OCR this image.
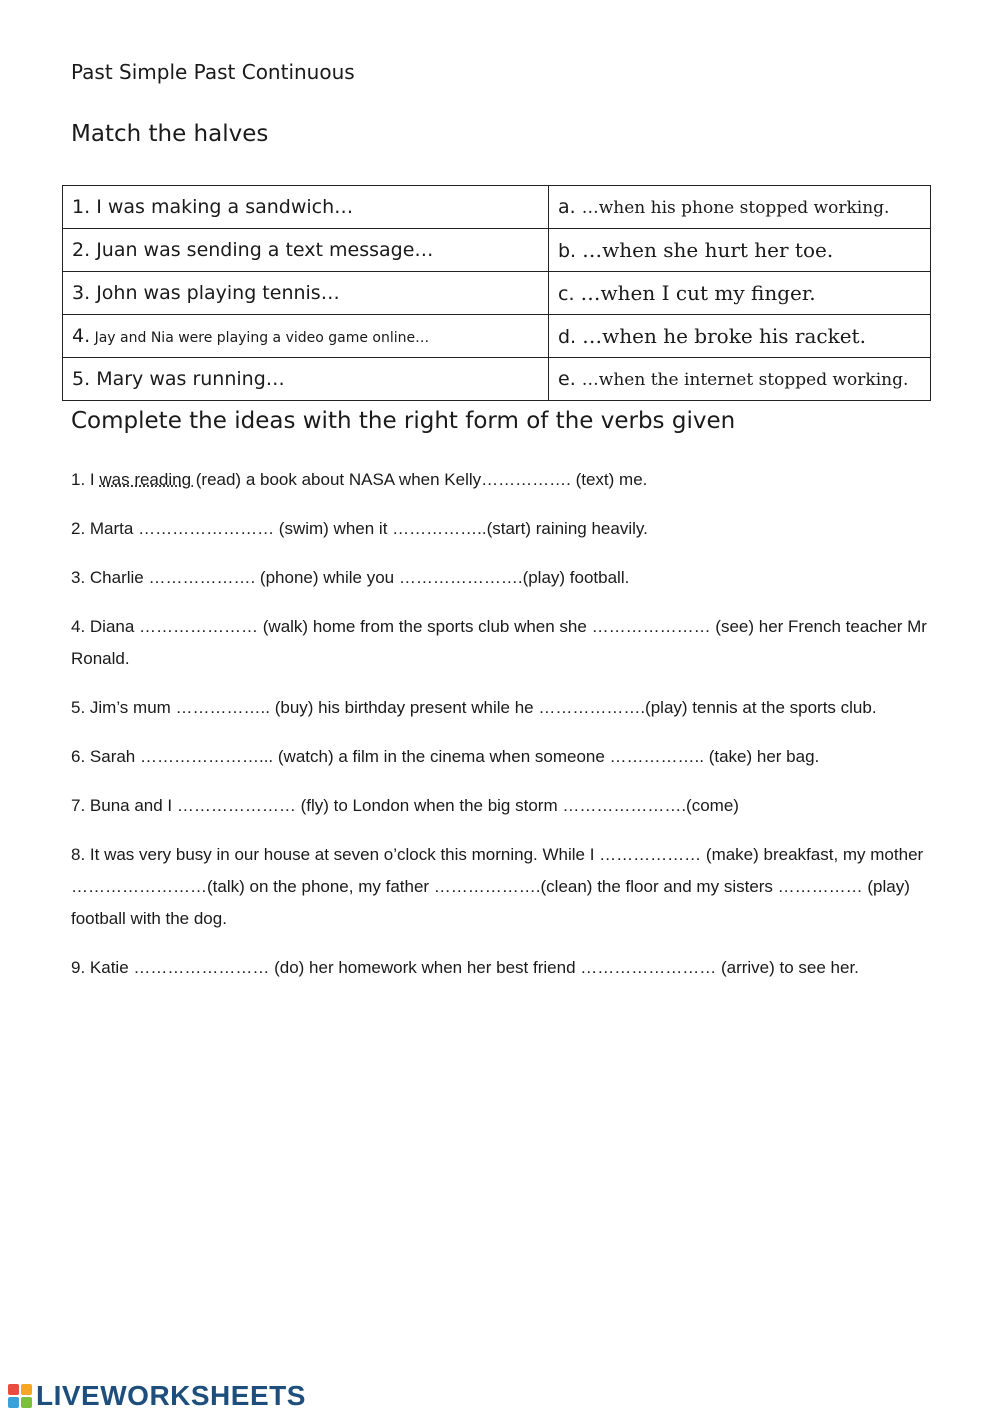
Past Simple Past Continuous
Match the halves
1. I was making a sandwich…	a. …when his phone stopped working.
2. Juan was sending a text message…	b. …when she hurt her toe.
3. John was playing tennis…	c. …when I cut my finger.
4. Jay and Nia were playing a video game online…	d. …when he broke his racket.
5. Mary was running…	e. …when the internet stopped working.
Complete the ideas with the right form of the verbs given
1. I was reading (read) a book about NASA when Kelly……………. (text) me.
2. Marta …………………… (swim) when it ……………..(start) raining heavily.
3. Charlie ………………. (phone) while you ………………….(play) football.
4. Diana ………………… (walk) home from the sports club when she ………………… (see) her French teacher Mr Ronald.
5. Jim’s mum …………….. (buy) his birthday present while he ……………….(play) tennis at the sports club.
6. Sarah …………………... (watch) a film in the cinema when someone …………….. (take) her bag.
7. Buna and I ………………… (fly) to London when the big storm ………………….(come)
8. It was very busy in our house at seven o’clock this morning. While I ……………… (make) breakfast, my mother ……………………(talk) on the phone, my father ……………….(clean) the floor and my sisters …………… (play) football with the dog.
9. Katie …………………… (do) her homework when her best friend …………………… (arrive) to see her.
LIVEWORKSHEETS
